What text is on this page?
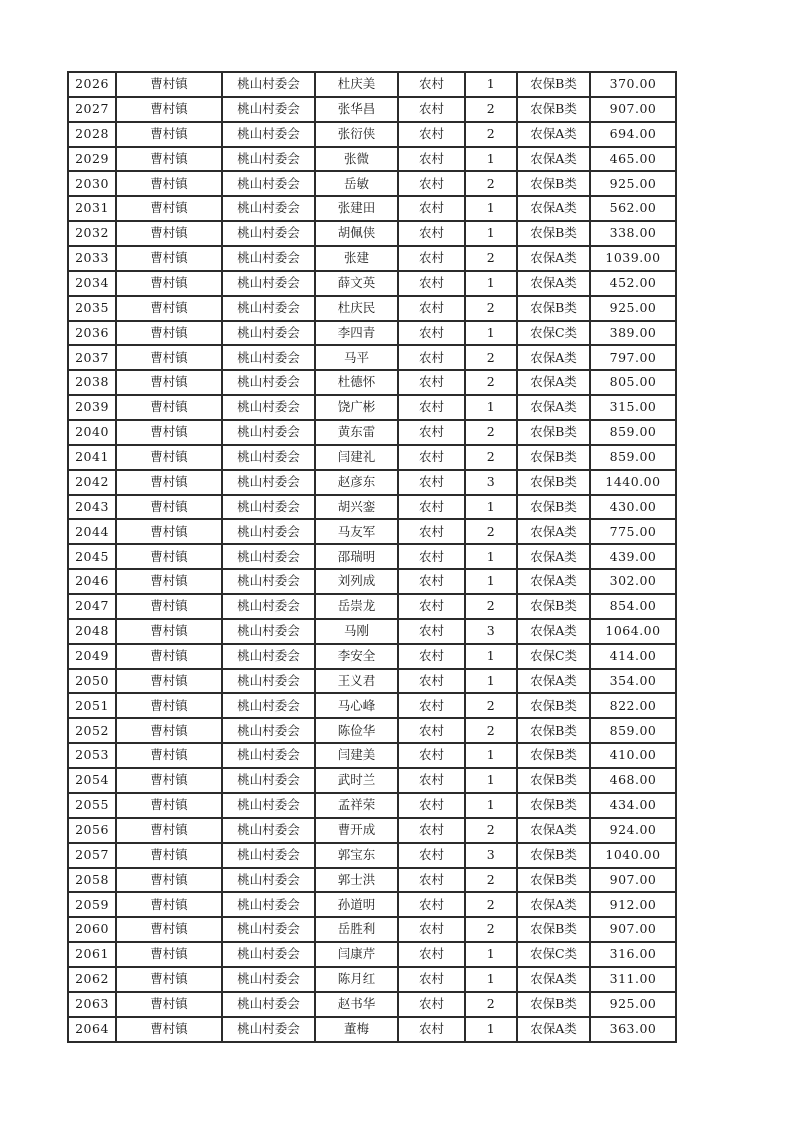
2026	曹村镇	桃山村委会	杜庆美	农村	1	农保B类	370.00
2027	曹村镇	桃山村委会	张华昌	农村	2	农保B类	907.00
2028	曹村镇	桃山村委会	张衍侠	农村	2	农保A类	694.00
2029	曹村镇	桃山村委会	张微	农村	1	农保A类	465.00
2030	曹村镇	桃山村委会	岳敏	农村	2	农保B类	925.00
2031	曹村镇	桃山村委会	张建田	农村	1	农保A类	562.00
2032	曹村镇	桃山村委会	胡佩侠	农村	1	农保B类	338.00
2033	曹村镇	桃山村委会	张建	农村	2	农保A类	1039.00
2034	曹村镇	桃山村委会	薛文英	农村	1	农保A类	452.00
2035	曹村镇	桃山村委会	杜庆民	农村	2	农保B类	925.00
2036	曹村镇	桃山村委会	李四青	农村	1	农保C类	389.00
2037	曹村镇	桃山村委会	马平	农村	2	农保A类	797.00
2038	曹村镇	桃山村委会	杜德怀	农村	2	农保A类	805.00
2039	曹村镇	桃山村委会	饶广彬	农村	1	农保A类	315.00
2040	曹村镇	桃山村委会	黄东雷	农村	2	农保B类	859.00
2041	曹村镇	桃山村委会	闫建礼	农村	2	农保B类	859.00
2042	曹村镇	桃山村委会	赵彦东	农村	3	农保B类	1440.00
2043	曹村镇	桃山村委会	胡兴銮	农村	1	农保B类	430.00
2044	曹村镇	桃山村委会	马友军	农村	2	农保A类	775.00
2045	曹村镇	桃山村委会	邵瑞明	农村	1	农保A类	439.00
2046	曹村镇	桃山村委会	刘列成	农村	1	农保A类	302.00
2047	曹村镇	桃山村委会	岳崇龙	农村	2	农保B类	854.00
2048	曹村镇	桃山村委会	马刚	农村	3	农保A类	1064.00
2049	曹村镇	桃山村委会	李安全	农村	1	农保C类	414.00
2050	曹村镇	桃山村委会	王义君	农村	1	农保A类	354.00
2051	曹村镇	桃山村委会	马心峰	农村	2	农保B类	822.00
2052	曹村镇	桃山村委会	陈俭华	农村	2	农保B类	859.00
2053	曹村镇	桃山村委会	闫建美	农村	1	农保B类	410.00
2054	曹村镇	桃山村委会	武时兰	农村	1	农保B类	468.00
2055	曹村镇	桃山村委会	孟祥荣	农村	1	农保B类	434.00
2056	曹村镇	桃山村委会	曹开成	农村	2	农保A类	924.00
2057	曹村镇	桃山村委会	郭宝东	农村	3	农保B类	1040.00
2058	曹村镇	桃山村委会	郭士洪	农村	2	农保B类	907.00
2059	曹村镇	桃山村委会	孙道明	农村	2	农保A类	912.00
2060	曹村镇	桃山村委会	岳胜利	农村	2	农保B类	907.00
2061	曹村镇	桃山村委会	闫康芹	农村	1	农保C类	316.00
2062	曹村镇	桃山村委会	陈月红	农村	1	农保A类	311.00
2063	曹村镇	桃山村委会	赵书华	农村	2	农保B类	925.00
2064	曹村镇	桃山村委会	董梅	农村	1	农保A类	363.00
